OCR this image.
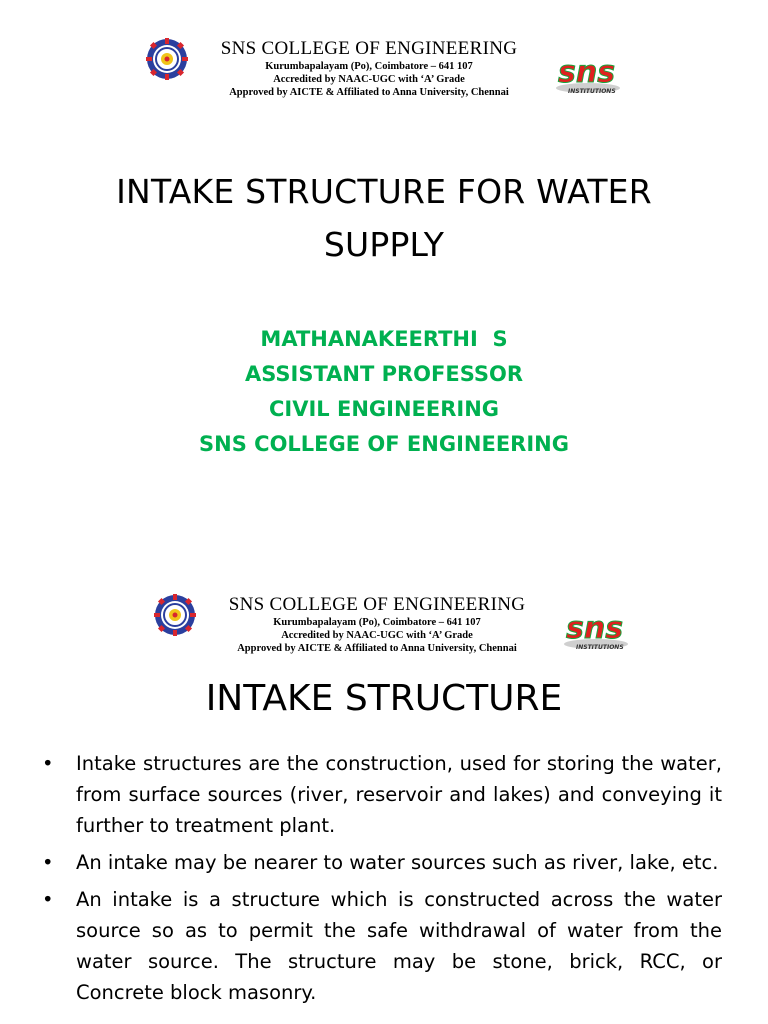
SNS COLLEGE OF ENGINEERING
Kurumbapalayam (Po), Coimbatore – 641 107
Accredited by NAAC-UGC with ‘A’ Grade
Approved by AICTE & Affiliated to Anna University, Chennai
sns
INSTITUTIONS
INTAKE STRUCTURE FOR WATER
SUPPLY
MATHANAKEERTHI  S
ASSISTANT PROFESSOR
CIVIL ENGINEERING
SNS COLLEGE OF ENGINEERING
SNS COLLEGE OF ENGINEERING
Kurumbapalayam (Po), Coimbatore – 641 107
Accredited by NAAC-UGC with ‘A’ Grade
Approved by AICTE & Affiliated to Anna University, Chennai
sns
INSTITUTIONS
INTAKE STRUCTURE
• Intake structures are the construction, used for storing the water, from surface sources (river, reservoir and lakes) and conveying it further to treatment plant.
• An intake may be nearer to water sources such as river, lake, etc.
• An intake is a structure which is constructed across the water source so as to permit the safe withdrawal of water from the water source. The structure may be stone, brick, RCC, or Concrete block masonry.
